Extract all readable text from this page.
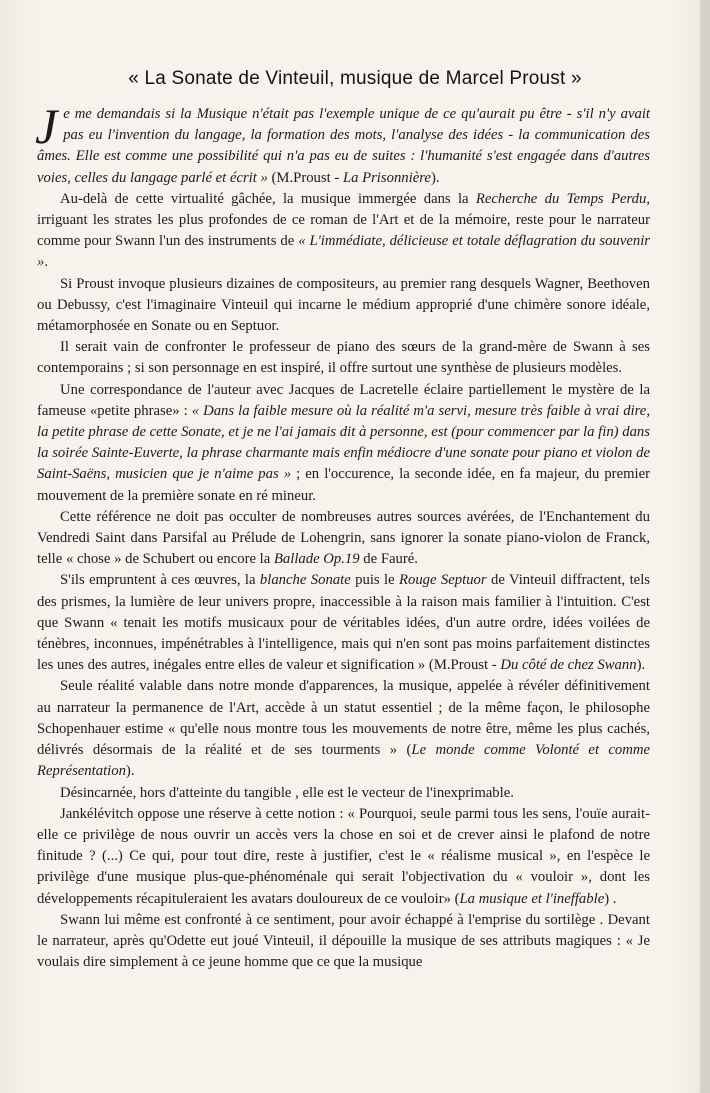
« La Sonate de Vinteuil, musique de Marcel Proust »

Je me demandais si la Musique n'était pas l'exemple unique de ce qu'aurait pu être - s'il n'y avait pas eu l'invention du langage, la formation des mots, l'analyse des idées - la communication des âmes. Elle est comme une possibilité qui n'a pas eu de suites : l'humanité s'est engagée dans d'autres voies, celles du langage parlé et écrit » (M.Proust - La Prisonnière).

Au-delà de cette virtualité gâchée, la musique immergée dans la Recherche du Temps Perdu, irriguant les strates les plus profondes de ce roman de l'Art et de la mémoire, reste pour le narrateur comme pour Swann l'un des instruments de « L'immédiate, délicieuse et totale déflagration du souvenir ».

Si Proust invoque plusieurs dizaines de compositeurs, au premier rang desquels Wagner, Beethoven ou Debussy, c'est l'imaginaire Vinteuil qui incarne le médium approprié d'une chimère sonore idéale, métamorphosée en Sonate ou en Septuor.

Il serait vain de confronter le professeur de piano des sœurs de la grand-mère de Swann à ses contemporains ; si son personnage en est inspiré, il offre surtout une synthèse de plusieurs modèles.

Une correspondance de l'auteur avec Jacques de Lacretelle éclaire partiellement le mystère de la fameuse «petite phrase» : « Dans la faible mesure où la réalité m'a servi, mesure très faible à vrai dire, la petite phrase de cette Sonate, et je ne l'ai jamais dit à personne, est (pour commencer par la fin) dans la soirée Sainte-Euverte, la phrase charmante mais enfin médiocre d'une sonate pour piano et violon de Saint-Saëns, musicien que je n'aime pas » ; en l'occurence, la seconde idée, en fa majeur, du premier mouvement de la première sonate en ré mineur.

Cette référence ne doit pas occulter de nombreuses autres sources avérées, de l'Enchantement du Vendredi Saint dans Parsifal au Prélude de Lohengrin, sans ignorer la sonate piano-violon de Franck, telle « chose » de Schubert ou encore la Ballade Op.19 de Fauré.

S'ils empruntent à ces œuvres, la blanche Sonate puis le Rouge Septuor de Vinteuil diffractent, tels des prismes, la lumière de leur univers propre, inaccessible à la raison mais familier à l'intuition. C'est que Swann « tenait les motifs musicaux pour de véritables idées, d'un autre ordre, idées voilées de ténèbres, inconnues, impénétrables à l'intelligence, mais qui n'en sont pas moins parfaitement distinctes les unes des autres, inégales entre elles de valeur et signification » (M.Proust - Du côté de chez Swann).

Seule réalité valable dans notre monde d'apparences, la musique, appelée à révéler définitivement au narrateur la permanence de l'Art, accède à un statut essentiel ; de la même façon, le philosophe Schopenhauer estime « qu'elle nous montre tous les mouvements de notre être, même les plus cachés, délivrés désormais de la réalité et de ses tourments » (Le monde comme Volonté et comme Représentation).

Désincarnée, hors d'atteinte du tangible , elle est le vecteur de l'inexprimable.

Jankélévitch oppose une réserve à cette notion : « Pourquoi, seule parmi tous les sens, l'ouïe aurait-elle ce privilège de nous ouvrir un accès vers la chose en soi et de crever ainsi le plafond de notre finitude ? (...) Ce qui, pour tout dire, reste à justifier, c'est le « réalisme musical », en l'espèce le privilège d'une musique plus-que-phénoménale qui serait l'objectivation du « vouloir », dont les développements récapituleraient les avatars douloureux de ce vouloir» (La musique et l'ineffable) .

Swann lui même est confronté à ce sentiment, pour avoir échappé à l'emprise du sortilège . Devant le narrateur, après qu'Odette eut joué Vinteuil, il dépouille la musique de ses attributs magiques : « Je voulais dire simplement à ce jeune homme que ce que la musique
